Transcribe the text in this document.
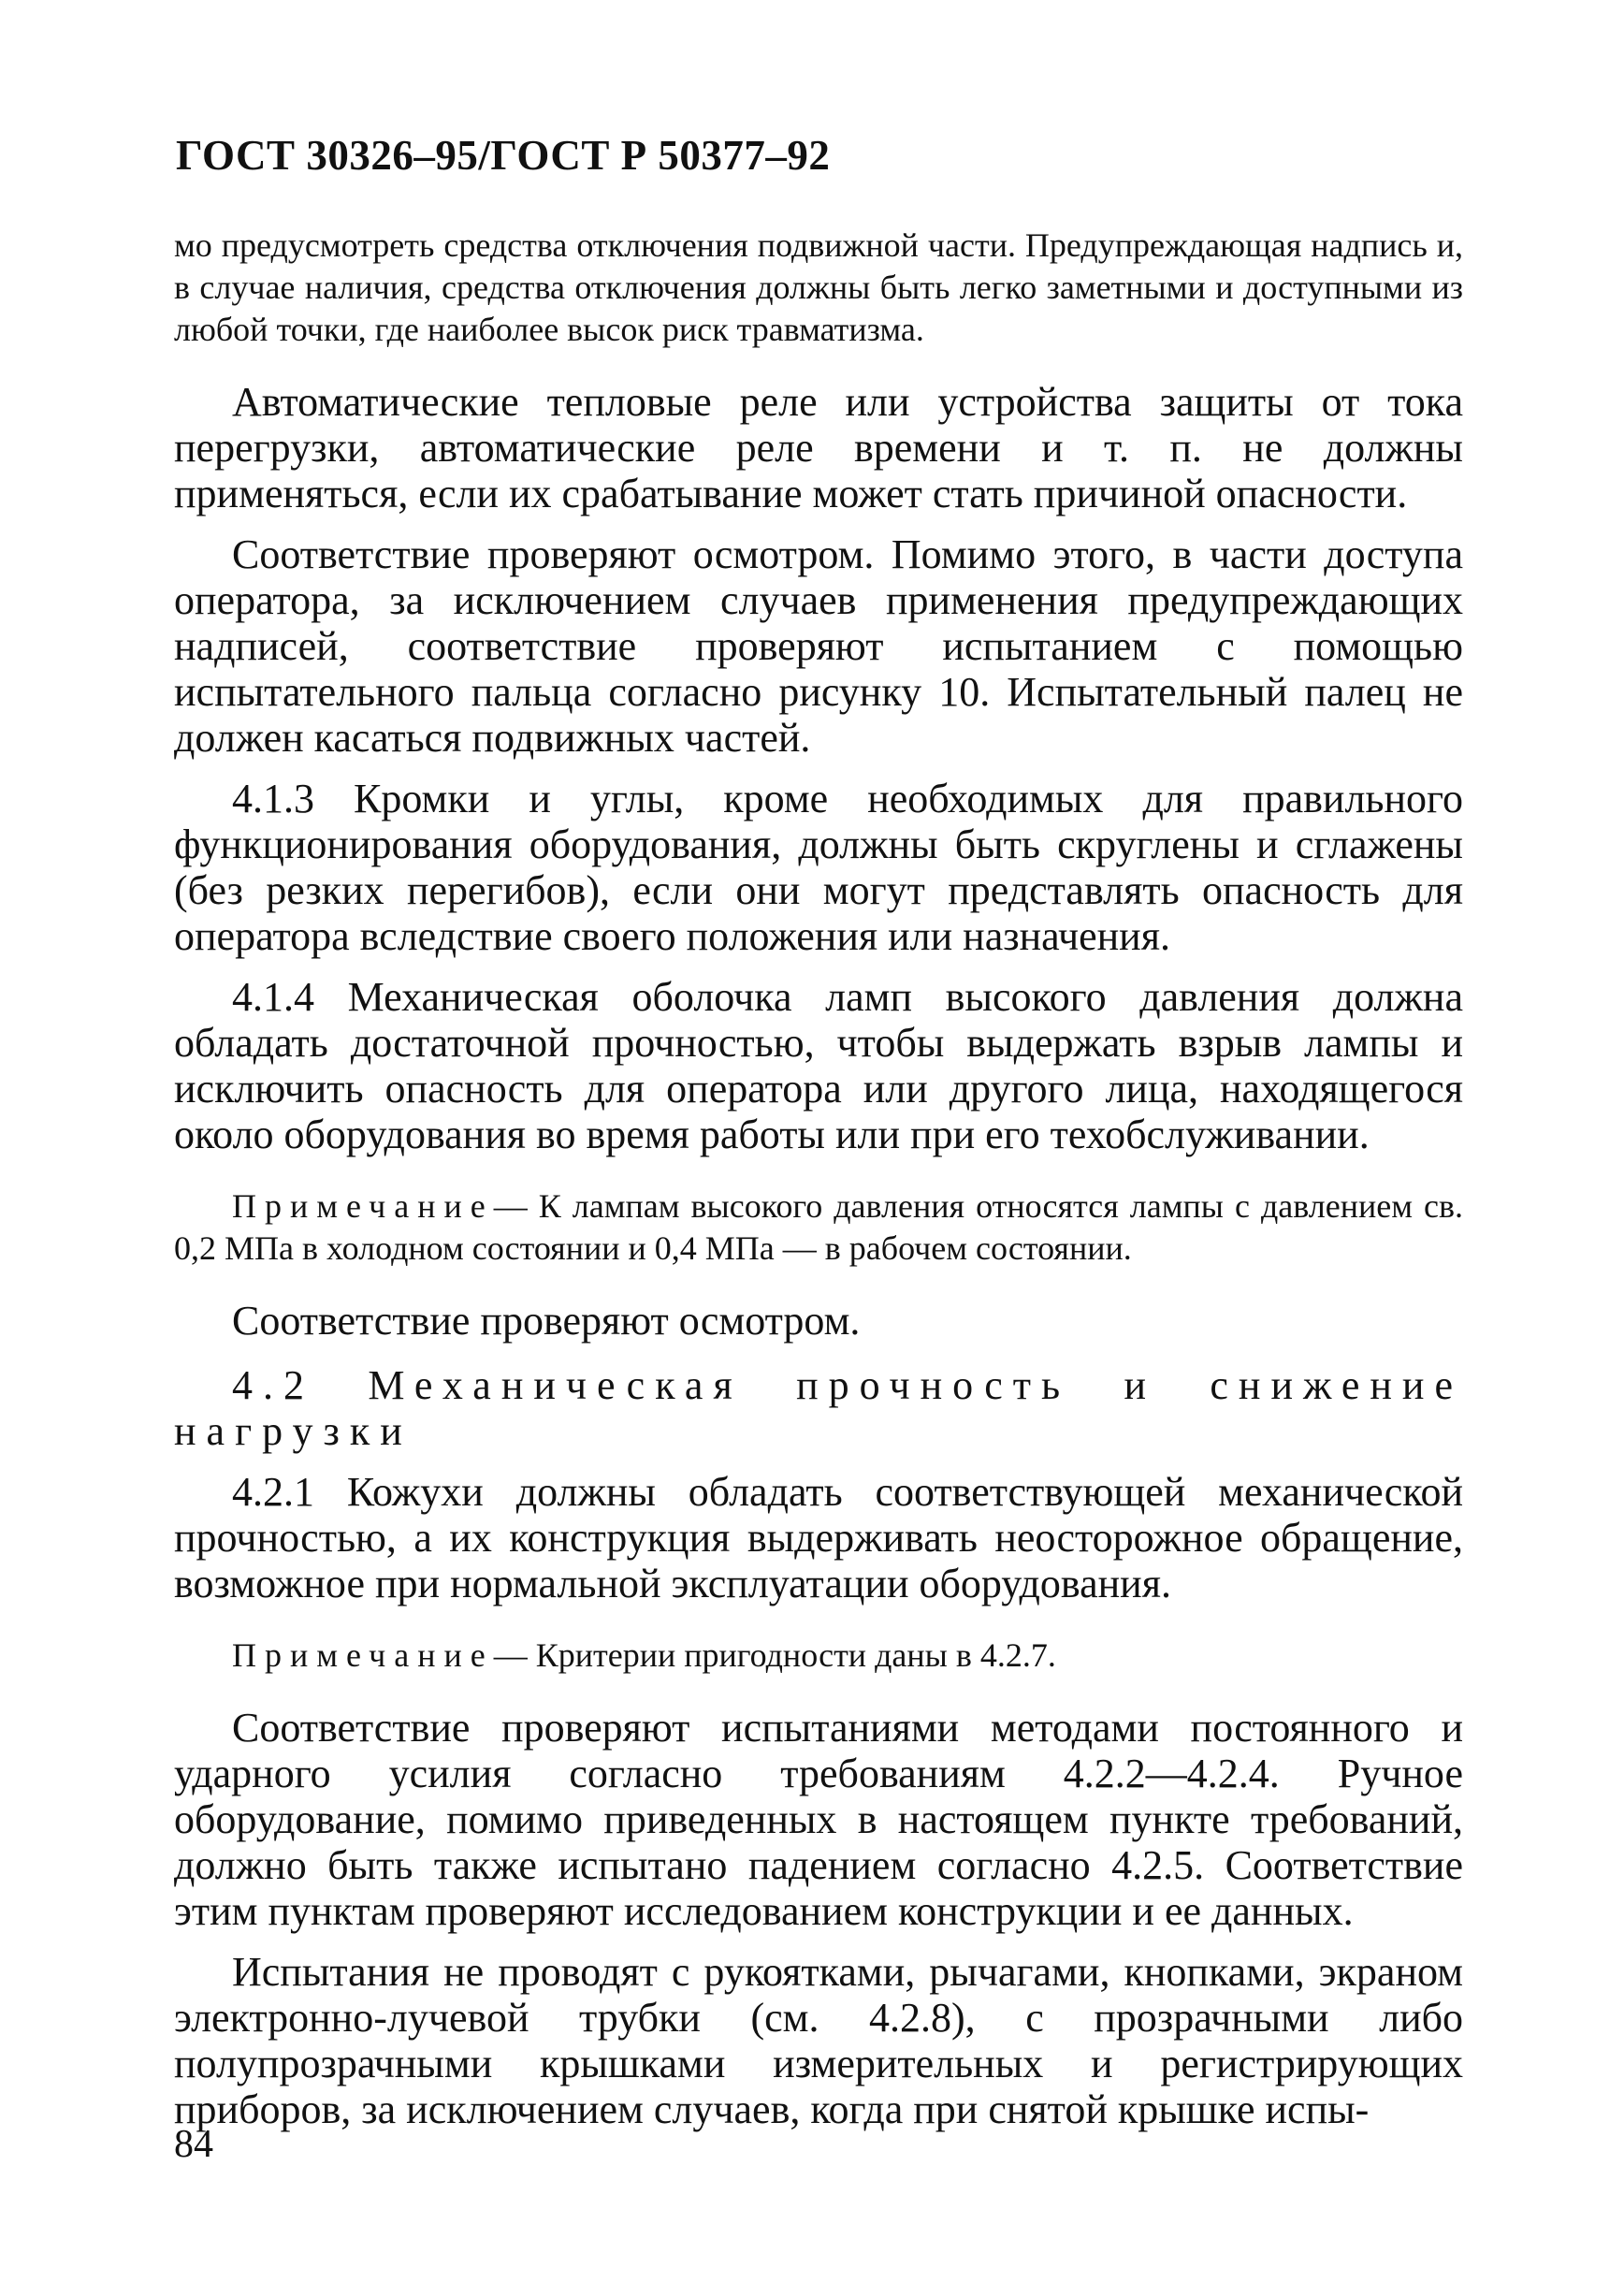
ГОСТ 30326–95/ГОСТ Р 50377–92

мо предусмотреть средства отключения подвижной части. Предупреждающая надпись и, в случае наличия, средства отключения должны быть легко заметными и доступными из любой точки, где наиболее высок риск травматизма.

Автоматические тепловые реле или устройства защиты от тока перегрузки, автоматические реле времени и т. п. не должны применяться, если их срабатывание может стать причиной опасности.

Соответствие проверяют осмотром. Помимо этого, в части доступа оператора, за исключением случаев применения предупреждающих надписей, соответствие проверяют испытанием с помощью испытательного пальца согласно рисунку 10. Испытательный палец не должен касаться подвижных частей.

4.1.3 Кромки и углы, кроме необходимых для правильного функционирования оборудования, должны быть скруглены и сглажены (без резких перегибов), если они могут представлять опасность для оператора вследствие своего положения или назначения.

4.1.4 Механическая оболочка ламп высокого давления должна обладать достаточной прочностью, чтобы выдержать взрыв лампы и исключить опасность для оператора или другого лица, находящегося около оборудования во время работы или при его техобслуживании.

Примечание— К лампам высокого давления относятся лампы с давлением св. 0,2 МПа в холодном состоянии и 0,4 МПа — в рабочем состоянии.

Соответствие проверяют осмотром.

4.2 Механическая прочность и снижение нагрузки

4.2.1 Кожухи должны обладать соответствующей механической прочностью, а их конструкция выдерживать неосторожное обращение, возможное при нормальной эксплуатации оборудования.

Примечание— Критерии пригодности даны в 4.2.7.

Соответствие проверяют испытаниями методами постоянного и ударного усилия согласно требованиям 4.2.2—4.2.4. Ручное оборудование, помимо приведенных в настоящем пункте требований, должно быть также испытано падением согласно 4.2.5. Соответствие этим пунктам проверяют исследованием конструкции и ее данных.

Испытания не проводят с рукоятками, рычагами, кнопками, экраном электронно-лучевой трубки (см. 4.2.8), с прозрачными либо полупрозрачными крышками измерительных и регистрирующих приборов, за исключением случаев, когда при снятой крышке испы-

84
